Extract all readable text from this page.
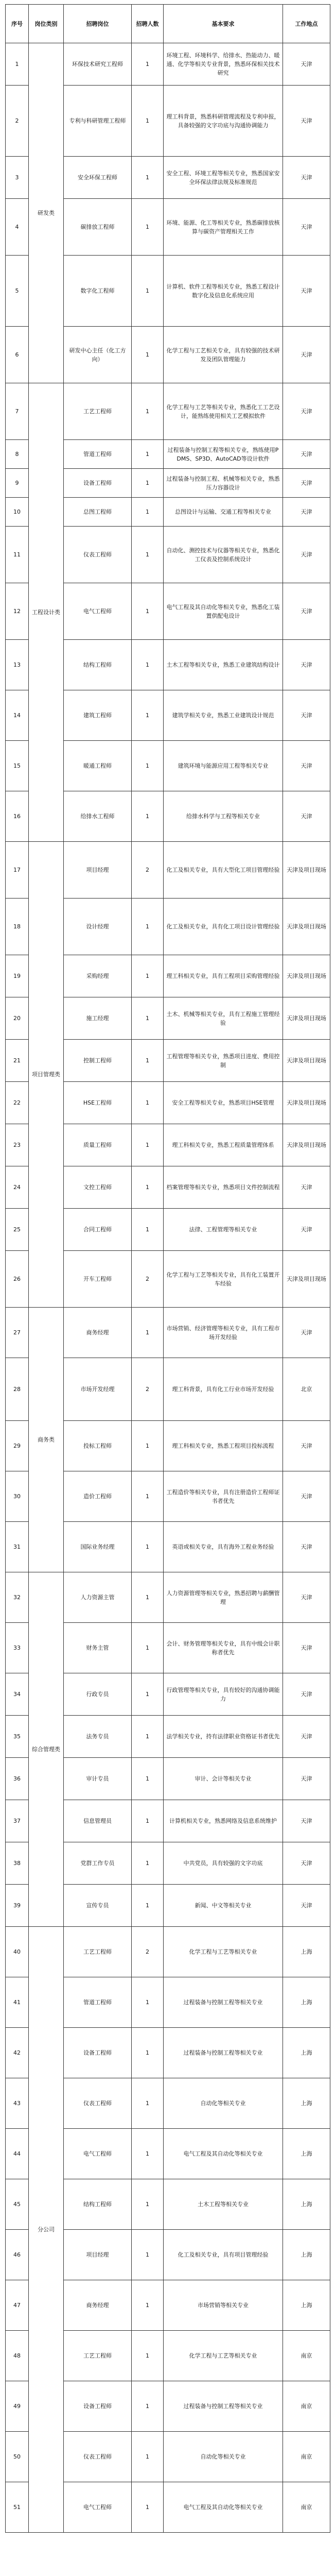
序号	岗位类别	招聘岗位	招聘人数	基本要求	工作地点
1	研发类	环保技术研究工程师	1	环境工程、环境科学、给排水、热能动力、暖通、化学等相关专业背景，熟悉环保相关技术研究	天津
2		专利与科研管理工程师	1	理工科背景，熟悉科研管理流程及专利申报，具备较强的文字功底与沟通协调能力	天津
3		安全环保工程师	1	安全工程、环境工程等相关专业，熟悉国家安全环保法律法规及标准规范	天津
4		碳排放工程师	1	环境、能源、化工等相关专业，熟悉碳排放核算与碳资产管理相关工作	天津
5		数字化工程师	1	计算机、软件工程等相关专业，熟悉工程设计数字化及信息化系统应用	天津
6		研发中心主任（化工方向）	1	化学工程与工艺相关专业，具有较强的技术研发及团队管理能力	天津
7	工程设计类	工艺工程师	1	化学工程与工艺等相关专业，熟悉化工工艺设计，能熟练使用相关工艺模拟软件	天津
8		管道工程师	1	过程装备与控制工程等相关专业，熟练使用PDMS、SP3D、AutoCAD等设计软件	天津
9		设备工程师	1	过程装备与控制工程、机械等相关专业，熟悉压力容器设计	天津
10		总图工程师	1	总图设计与运输、交通工程等相关专业	天津
11		仪表工程师	1	自动化、测控技术与仪器等相关专业，熟悉化工仪表及控制系统设计	天津
12		电气工程师	1	电气工程及其自动化等相关专业，熟悉化工装置供配电设计	天津
13		结构工程师	1	土木工程等相关专业，熟悉工业建筑结构设计	天津
14		建筑工程师	1	建筑学相关专业，熟悉工业建筑设计规范	天津
15		暖通工程师	1	建筑环境与能源应用工程等相关专业	天津
16		给排水工程师	1	给排水科学与工程等相关专业	天津
17	项目管理类	项目经理	2	化工及相关专业，具有大型化工项目管理经验	天津及项目现场
18		设计经理	1	化工及相关专业，具有化工项目设计管理经验	天津及项目现场
19		采购经理	1	理工科相关专业，具有工程项目采购管理经验	天津及项目现场
20		施工经理	1	土木、机械等相关专业，具有工程施工管理经验	天津及项目现场
21		控制工程师	1	工程管理等相关专业，熟悉项目进度、费用控制	天津及项目现场
22		HSE工程师	1	安全工程等相关专业，熟悉项目HSE管理	天津及项目现场
23		质量工程师	1	理工科相关专业，熟悉工程质量管理体系	天津及项目现场
24		文控工程师	1	档案管理等相关专业，熟悉项目文件控制流程	天津
25		合同工程师	1	法律、工程管理等相关专业	天津
26		开车工程师	2	化学工程与工艺等相关专业，具有化工装置开车经验	天津及项目现场
27	商务类	商务经理	1	市场营销、经济管理等相关专业，具有工程市场开发经验	天津
28		市场开发经理	2	理工科背景，具有化工行业市场开发经验	北京
29		投标工程师	1	理工科相关专业，熟悉工程项目投标流程	天津
30		造价工程师	1	工程造价等相关专业，具有注册造价工程师证书者优先	天津
31		国际业务经理	1	英语或相关专业，具有海外工程业务经验	天津
32	综合管理类	人力资源主管	1	人力资源管理等相关专业，熟悉招聘与薪酬管理	天津
33		财务主管	1	会计、财务管理等相关专业，具有中级会计职称者优先	天津
34		行政专员	1	行政管理等相关专业，具有较好的沟通协调能力	天津
35		法务专员	1	法学相关专业，持有法律职业资格证书者优先	天津
36		审计专员	1	审计、会计等相关专业	天津
37		信息管理员	1	计算机相关专业，熟悉网络及信息系统维护	天津
38		党群工作专员	1	中共党员，具有较强的文字功底	天津
39		宣传专员	1	新闻、中文等相关专业	天津
40	分公司	工艺工程师	2	化学工程与工艺等相关专业	上海
41		管道工程师	1	过程装备与控制工程等相关专业	上海
42		设备工程师	1	过程装备与控制工程等相关专业	上海
43		仪表工程师	1	自动化等相关专业	上海
44		电气工程师	1	电气工程及其自动化等相关专业	上海
45		结构工程师	1	土木工程等相关专业	上海
46		项目经理	1	化工及相关专业，具有项目管理经验	上海
47		商务经理	1	市场营销等相关专业	上海
48		工艺工程师	1	化学工程与工艺等相关专业	南京
49		设备工程师	1	过程装备与控制工程等相关专业	南京
50		仪表工程师	1	自动化等相关专业	南京
51		电气工程师	1	电气工程及其自动化等相关专业	南京
